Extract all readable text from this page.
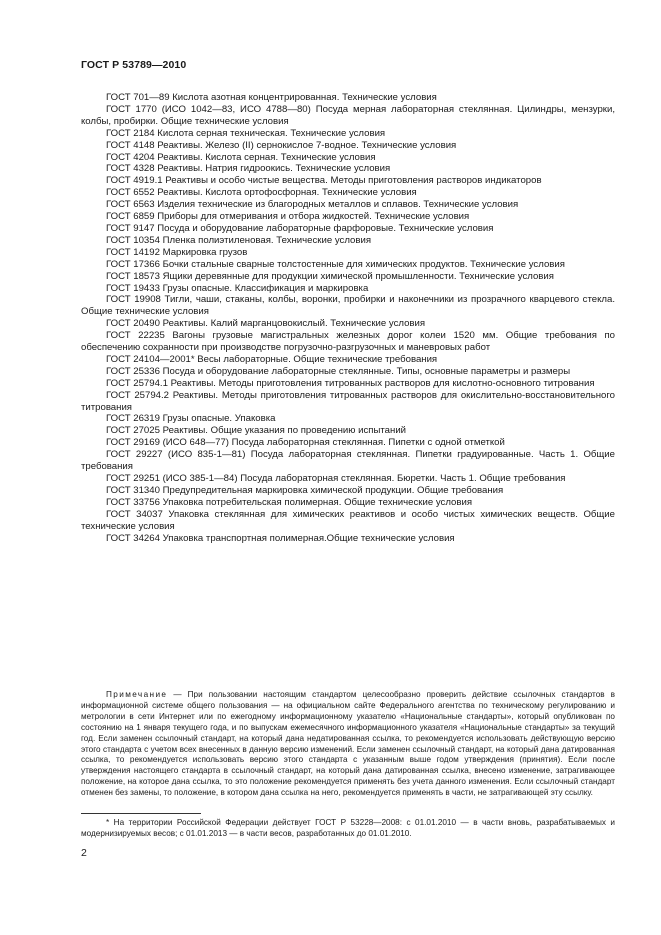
ГОСТ Р 53789—2010

ГОСТ 701—89 Кислота азотная концентрированная. Технические условия

ГОСТ 1770 (ИСО 1042—83, ИСО 4788—80) Посуда мерная лабораторная стеклянная. Цилиндры, мензурки, колбы, пробирки. Общие технические условия

ГОСТ 2184 Кислота серная техническая. Технические условия

ГОСТ 4148 Реактивы. Железо (II) сернокислое 7-водное. Технические условия

ГОСТ 4204 Реактивы. Кислота серная. Технические условия

ГОСТ 4328 Реактивы. Натрия гидроокись. Технические условия

ГОСТ 4919.1 Реактивы и особо чистые вещества. Методы приготовления растворов индикаторов

ГОСТ 6552 Реактивы. Кислота ортофосфорная. Технические условия

ГОСТ 6563 Изделия технические из благородных металлов и сплавов. Технические условия

ГОСТ 6859 Приборы для отмеривания и отбора жидкостей. Технические условия

ГОСТ 9147 Посуда и оборудование лабораторные фарфоровые. Технические условия

ГОСТ 10354 Пленка полиэтиленовая. Технические условия

ГОСТ 14192 Маркировка грузов

ГОСТ 17366 Бочки стальные сварные толстостенные для химических продуктов. Технические условия

ГОСТ 18573 Ящики деревянные для продукции химической промышленности. Технические условия

ГОСТ 19433 Грузы опасные. Классификация и маркировка

ГОСТ 19908 Тигли, чаши, стаканы, колбы, воронки, пробирки и наконечники из прозрачного кварцевого стекла. Общие технические условия

ГОСТ 20490 Реактивы. Калий марганцовокислый. Технические условия

ГОСТ 22235 Вагоны грузовые магистральных железных дорог колеи 1520 мм. Общие требования по обеспечению сохранности при производстве погрузочно-разгрузочных и маневровых работ

ГОСТ 24104—2001* Весы лабораторные. Общие технические требования

ГОСТ 25336 Посуда и оборудование лабораторные стеклянные. Типы, основные параметры и размеры

ГОСТ 25794.1 Реактивы. Методы приготовления титрованных растворов для кислотно-основного титрования

ГОСТ 25794.2 Реактивы. Методы приготовления титрованных растворов для окислительно-восстановительного титрования

ГОСТ 26319 Грузы опасные. Упаковка

ГОСТ 27025 Реактивы. Общие указания по проведению испытаний

ГОСТ 29169 (ИСО 648—77) Посуда лабораторная стеклянная. Пипетки с одной отметкой

ГОСТ 29227 (ИСО 835-1—81) Посуда лабораторная стеклянная. Пипетки градуированные. Часть 1. Общие требования

ГОСТ 29251 (ИСО 385-1—84) Посуда лабораторная стеклянная. Бюретки. Часть 1. Общие требования

ГОСТ 31340 Предупредительная маркировка химической продукции. Общие требования

ГОСТ 33756 Упаковка потребительская полимерная. Общие технические условия

ГОСТ 34037 Упаковка стеклянная для химических реактивов и особо чистых химических веществ. Общие технические условия

ГОСТ 34264 Упаковка транспортная полимерная.Общие технические условия

Примечание — При пользовании настоящим стандартом целесообразно проверить действие ссылочных стандартов в информационной системе общего пользования — на официальном сайте Федерального агентства по техническому регулированию и метрологии в сети Интернет или по ежегодному информационному указателю «Национальные стандарты», который опубликован по состоянию на 1 января текущего года, и по выпускам ежемесячного информационного указателя «Национальные стандарты» за текущий год. Если заменен ссылочный стандарт, на который дана недатированная ссылка, то рекомендуется использовать действующую версию этого стандарта с учетом всех внесенных в данную версию изменений. Если заменен ссылочный стандарт, на который дана датированная ссылка, то рекомендуется использовать версию этого стандарта с указанным выше годом утверждения (принятия). Если после утверждения настоящего стандарта в ссылочный стандарт, на который дана датированная ссылка, внесено изменение, затрагивающее положение, на которое дана ссылка, то это положение рекомендуется применять без учета данного изменения. Если ссылочный стандарт отменен без замены, то положение, в котором дана ссылка на него, рекомендуется применять в части, не затрагивающей эту ссылку.

* На территории Российской Федерации действует ГОСТ Р 53228—2008: с 01.01.2010 — в части вновь, разрабатываемых и модернизируемых весов; с 01.01.2013 — в части весов, разработанных до 01.01.2010.

2
